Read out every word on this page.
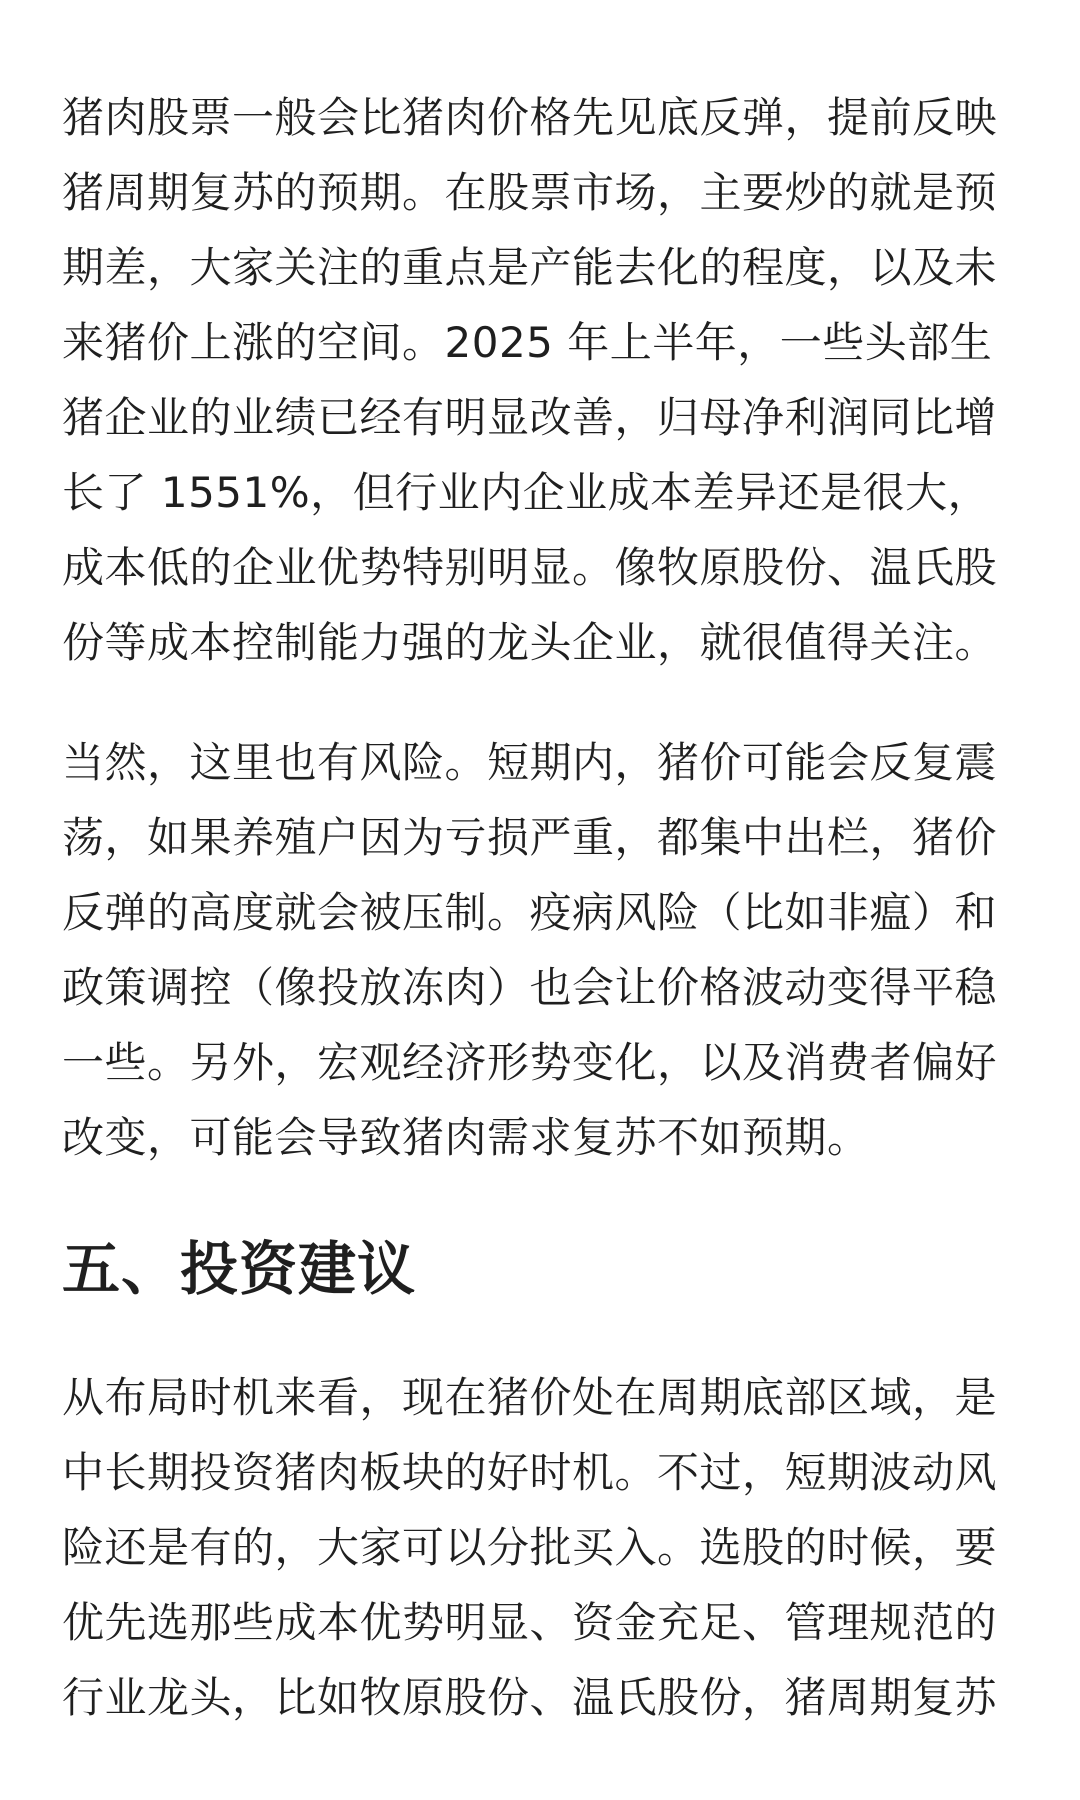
猪肉股票一般会比猪肉价格先见底反弹，提前反映
猪周期复苏的预期。在股票市场，主要炒的就是预
期差，大家关注的重点是产能去化的程度，以及未
来猪价上涨的空间。2025 年上半年，一些头部生
猪企业的业绩已经有明显改善，归母净利润同比增
长了 1551%，但行业内企业成本差异还是很大，
成本低的企业优势特别明显。像牧原股份、温氏股
份等成本控制能力强的龙头企业，就很值得关注。
当然，这里也有风险。短期内，猪价可能会反复震
荡，如果养殖户因为亏损严重，都集中出栏，猪价
反弹的高度就会被压制。疫病风险（比如非瘟）和
政策调控（像投放冻肉）也会让价格波动变得平稳
一些。另外，宏观经济形势变化，以及消费者偏好
改变，可能会导致猪肉需求复苏不如预期。
五、投资建议
从布局时机来看，现在猪价处在周期底部区域，是
中长期投资猪肉板块的好时机。不过，短期波动风
险还是有的，大家可以分批买入。选股的时候，要
优先选那些成本优势明显、资金充足、管理规范的
行业龙头，比如牧原股份、温氏股份，猪周期复苏
